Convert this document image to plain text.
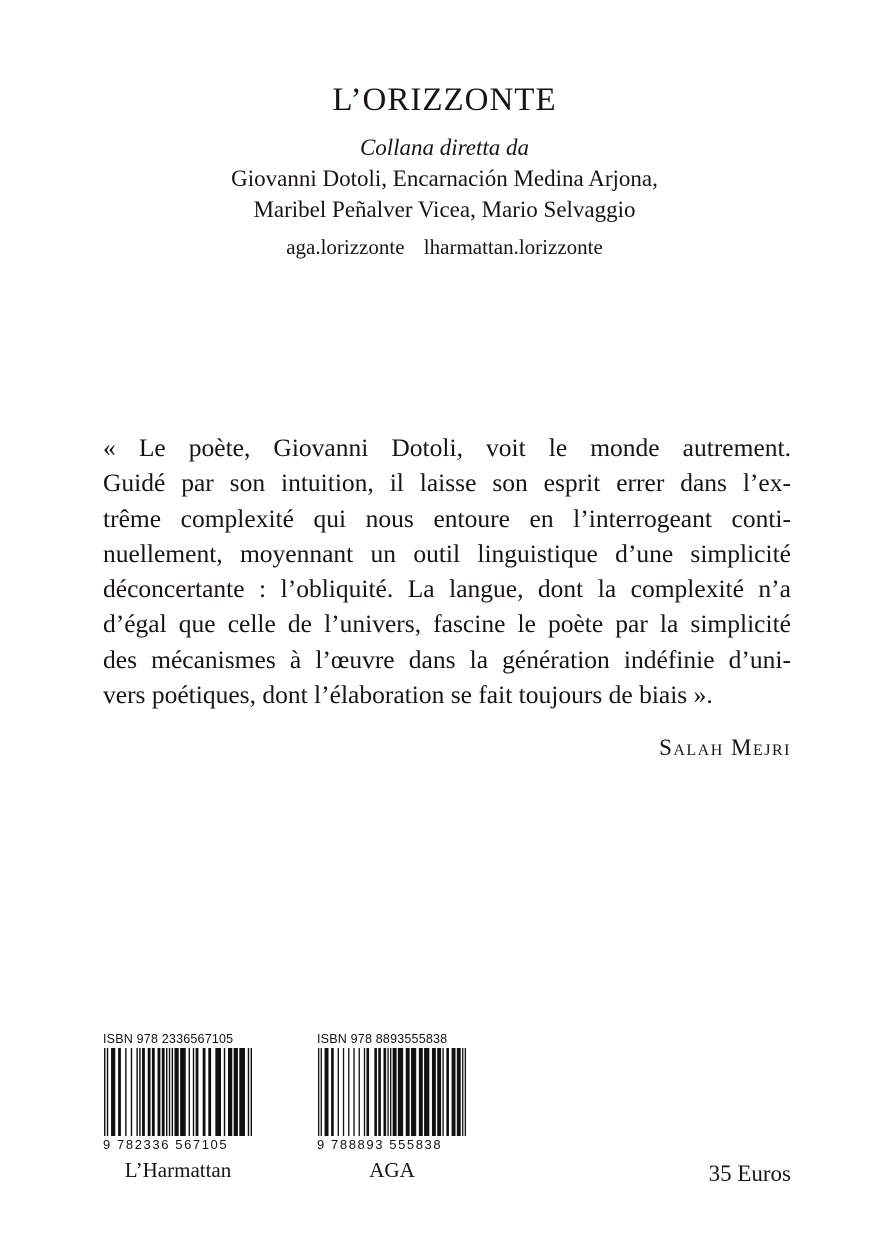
L’ORIZZONTE
Collana diretta da
Giovanni Dotoli, Encarnación Medina Arjona,
Maribel Peñalver Vicea, Mario Selvaggio
aga.lorizzonte lharmattan.lorizzonte

« Le poète, Giovanni Dotoli, voit le monde autrement.
Guidé par son intuition, il laisse son esprit errer dans l’ex-
trême complexité qui nous entoure en l’interrogeant conti-
nuellement, moyennant un outil linguistique d’une simplicité
déconcertante : l’obliquité. La langue, dont la complexité n’a
d’égal que celle de l’univers, fascine le poète par la simplicité
des mécanismes à l’œuvre dans la génération indéfinie d’uni-
vers poétiques, dont l’élaboration se fait toujours de biais ».

Salah Mejri
ISBN 978 2336567105
9 782336 567105
L’Harmattan
ISBN 978 8893555838
9 788893 555838
AGA	35 Euros
